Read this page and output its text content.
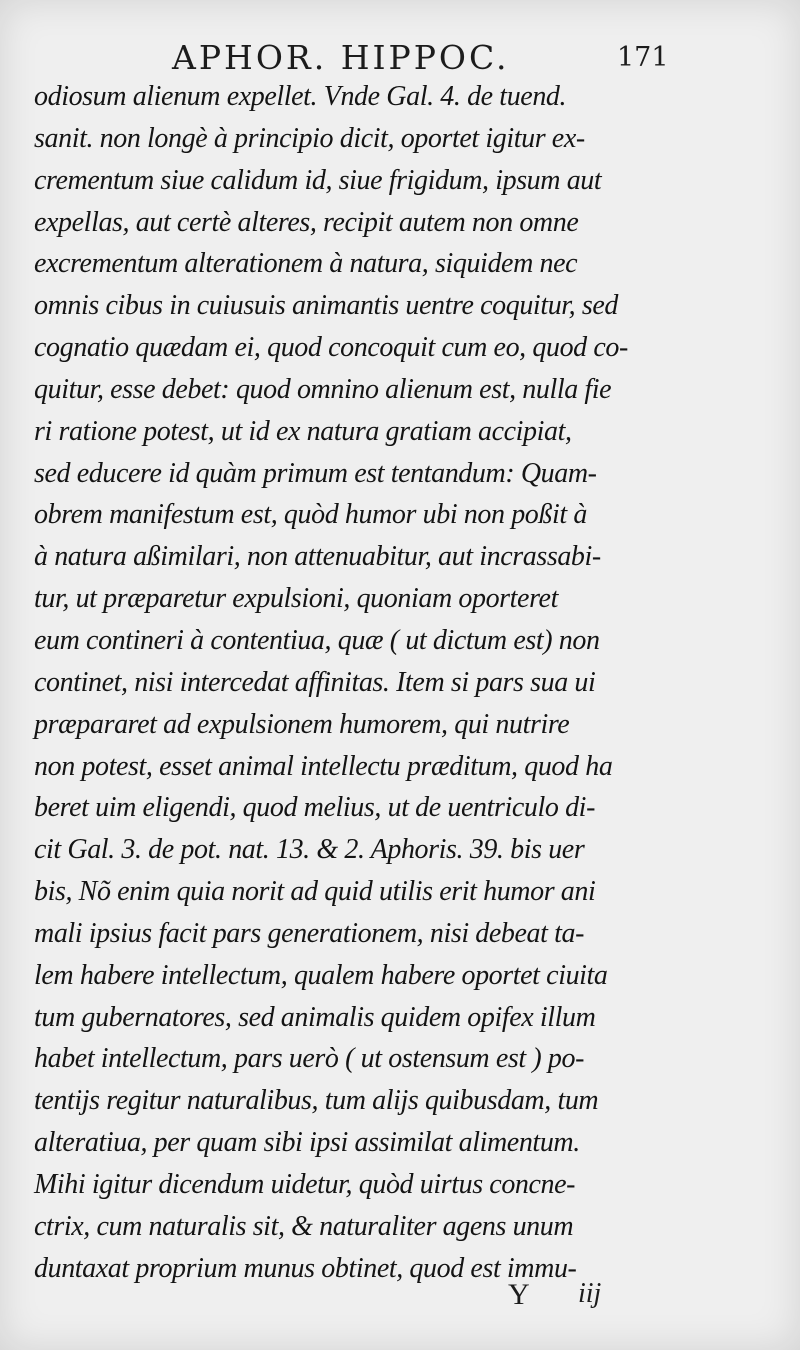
APHOR. HIPPOC.	171
odiosum alienum expellet. Vnde Gal. 4. de tuend.
sanit. non longè à principio dicit, oportet igitur ex-
crementum siue calidum id, siue frigidum, ipsum aut
expellas, aut certè alteres, recipit autem non omne
excrementum alterationem à natura, siquidem nec
omnis cibus in cuiusuis animantis uentre coquitur, sed
cognatio quædam ei, quod concoquit cum eo, quod co-
quitur, esse debet: quod omnino alienum est, nulla fie
ri ratione potest, ut id ex natura gratiam accipiat,
sed educere id quàm primum est tentandum: Quam-
obrem manifestum est, quòd humor ubi non poßit à
à natura aßimilari, non attenuabitur, aut incrassabi-
tur, ut præparetur expulsioni, quoniam oporteret
eum contineri à contentiua, quæ ( ut dictum est) non
continet, nisi intercedat affinitas. Item si pars sua ui
præpararet ad expulsionem humorem, qui nutrire
non potest, esset animal intellectu præditum, quod ha
beret uim eligendi, quod melius, ut de uentriculo di-
cit Gal. 3. de pot. nat. 13. & 2. Aphoris. 39. bis uer
bis, Nõ enim quia norit ad quid utilis erit humor ani
mali ipsius facit pars generationem, nisi debeat ta-
lem habere intellectum, qualem habere oportet ciuita
tum gubernatores, sed animalis quidem opifex illum
habet intellectum, pars uerò ( ut ostensum est ) po-
tentijs regitur naturalibus, tum alijs quibusdam, tum
alteratiua, per quam sibi ipsi assimilat alimentum.
Mihi igitur dicendum uidetur, quòd uirtus concne-
ctrix, cum naturalis sit, & naturaliter agens unum
duntaxat proprium munus obtinet, quod est immu-
Y iij
